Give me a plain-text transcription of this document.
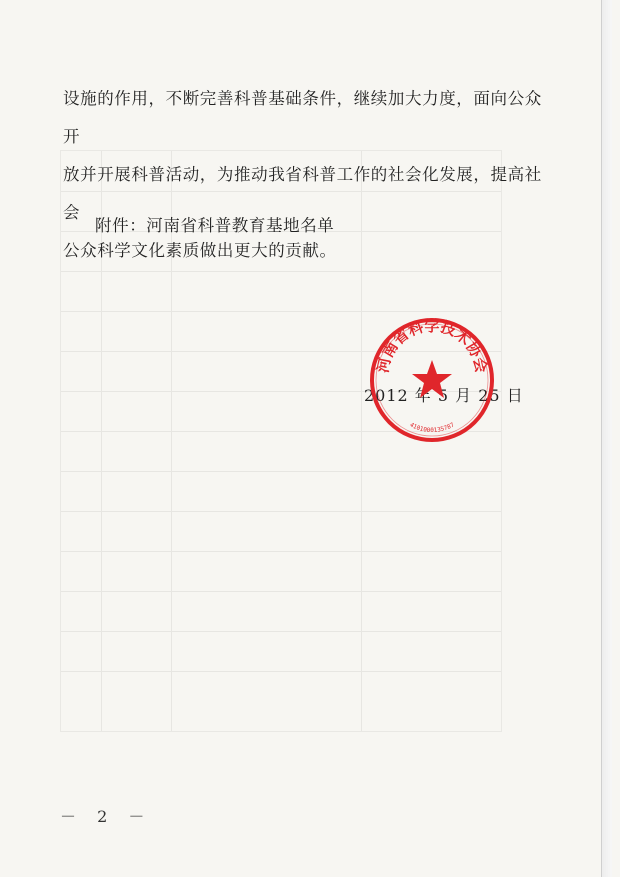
设施的作用，不断完善科普基础条件，继续加大力度，面向公众开

放并开展科普活动，为推动我省科普工作的社会化发展，提高社会

公众科学文化素质做出更大的贡献。

附件：河南省科普教育基地名单
2012 年 5 月 25 日
河南省科学技术协会
4101000135787
－ 2 －
